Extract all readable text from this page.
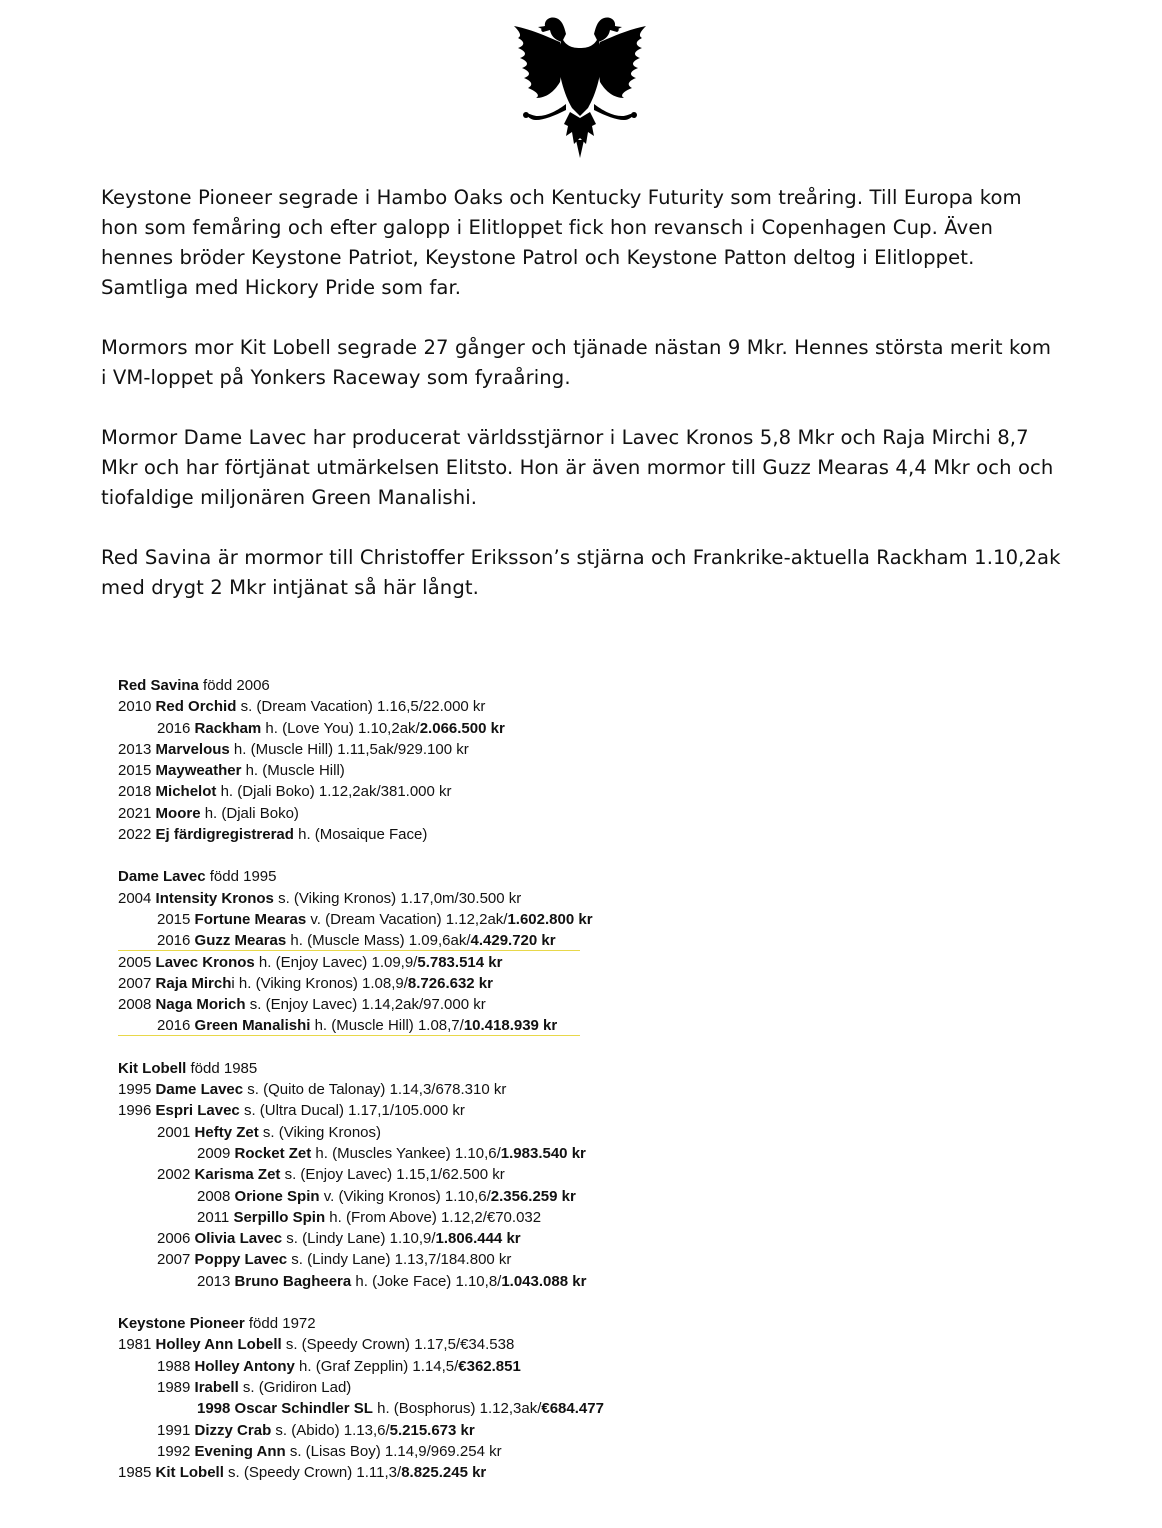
Keystone Pioneer segrade i Hambo Oaks och Kentucky Futurity som treåring. Till Europa kom hon som femåring och efter galopp i Elitloppet fick hon revansch i Copenhagen Cup. Även hennes bröder Keystone Patriot, Keystone Patrol och Keystone Patton deltog i Elitloppet. Samtliga med Hickory Pride som far.

Mormors mor Kit Lobell segrade 27 gånger och tjänade nästan 9 Mkr. Hennes största merit kom i VM-loppet på Yonkers Raceway som fyraåring.

Mormor Dame Lavec har producerat världsstjärnor i Lavec Kronos 5,8 Mkr och Raja Mirchi 8,7 Mkr och har förtjänat utmärkelsen Elitsto. Hon är även mormor till Guzz Mearas 4,4 Mkr och och tiofaldige miljonären Green Manalishi.

Red Savina är mormor till Christoffer Eriksson’s stjärna och Frankrike-aktuella Rackham 1.10,2ak med drygt 2 Mkr intjänat så här långt.

Red Savina född 2006
2010 Red Orchid s. (Dream Vacation) 1.16,5/22.000 kr
2016 Rackham h. (Love You) 1.10,2ak/2.066.500 kr
2013 Marvelous h. (Muscle Hill) 1.11,5ak/929.100 kr
2015 Mayweather h. (Muscle Hill)
2018 Michelot h. (Djali Boko) 1.12,2ak/381.000 kr
2021 Moore h. (Djali Boko)
2022 Ej färdigregistrerad h. (Mosaique Face)
Dame Lavec född 1995
2004 Intensity Kronos s. (Viking Kronos) 1.17,0m/30.500 kr
2015 Fortune Mearas v. (Dream Vacation) 1.12,2ak/1.602.800 kr
2016 Guzz Mearas h. (Muscle Mass) 1.09,6ak/4.429.720 kr
2005 Lavec Kronos h. (Enjoy Lavec) 1.09,9/5.783.514 kr
2007 Raja Mirchi h. (Viking Kronos) 1.08,9/8.726.632 kr
2008 Naga Morich s. (Enjoy Lavec) 1.14,2ak/97.000 kr
2016 Green Manalishi h. (Muscle Hill) 1.08,7/10.418.939 kr
Kit Lobell född 1985
1995 Dame Lavec s. (Quito de Talonay) 1.14,3/678.310 kr
1996 Espri Lavec s. (Ultra Ducal) 1.17,1/105.000 kr
2001 Hefty Zet s. (Viking Kronos)
2009 Rocket Zet h. (Muscles Yankee) 1.10,6/1.983.540 kr
2002 Karisma Zet s. (Enjoy Lavec) 1.15,1/62.500 kr
2008 Orione Spin v. (Viking Kronos) 1.10,6/2.356.259 kr
2011 Serpillo Spin h. (From Above) 1.12,2/€70.032
2006 Olivia Lavec s. (Lindy Lane) 1.10,9/1.806.444 kr
2007 Poppy Lavec s. (Lindy Lane) 1.13,7/184.800 kr
2013 Bruno Bagheera h. (Joke Face) 1.10,8/1.043.088 kr
Keystone Pioneer född 1972
1981 Holley Ann Lobell s. (Speedy Crown) 1.17,5/€34.538
1988 Holley Antony h. (Graf Zepplin) 1.14,5/€362.851
1989 Irabell s. (Gridiron Lad)
1998 Oscar Schindler SL h. (Bosphorus) 1.12,3ak/€684.477
1991 Dizzy Crab s. (Abido) 1.13,6/5.215.673 kr
1992 Evening Ann s. (Lisas Boy) 1.14,9/969.254 kr
1985 Kit Lobell s. (Speedy Crown) 1.11,3/8.825.245 kr
